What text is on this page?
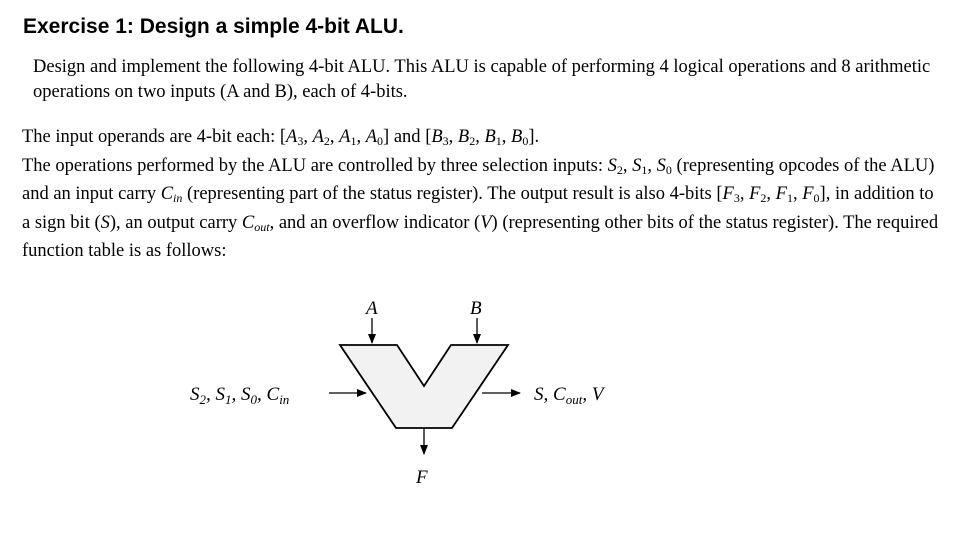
Exercise 1: Design a simple 4-bit ALU.
Design and implement the following 4-bit ALU. This ALU is capable of performing 4 logical operations and 8 arithmetic operations on two inputs (A and B), each of 4-bits.

The input operands are 4-bit each: [A3, A2, A1, A0] and [B3, B2, B1, B0].

The operations performed by the ALU are controlled by three selection inputs: S2, S1, S0 (representing opcodes of the ALU) and an input carry $C_{in}$ (representing part of the status register). The output result is also 4-bits [F3, F2, F1, F0], in addition to a sign bit (S), an output carry $C_{out}$, and an overflow indicator (V) (representing other bits of the status register). The required function table is as follows:

A	B
$S_2$, $S_1$, $S_0$, $C_{in}$	S, $C_{out}$, V
F
